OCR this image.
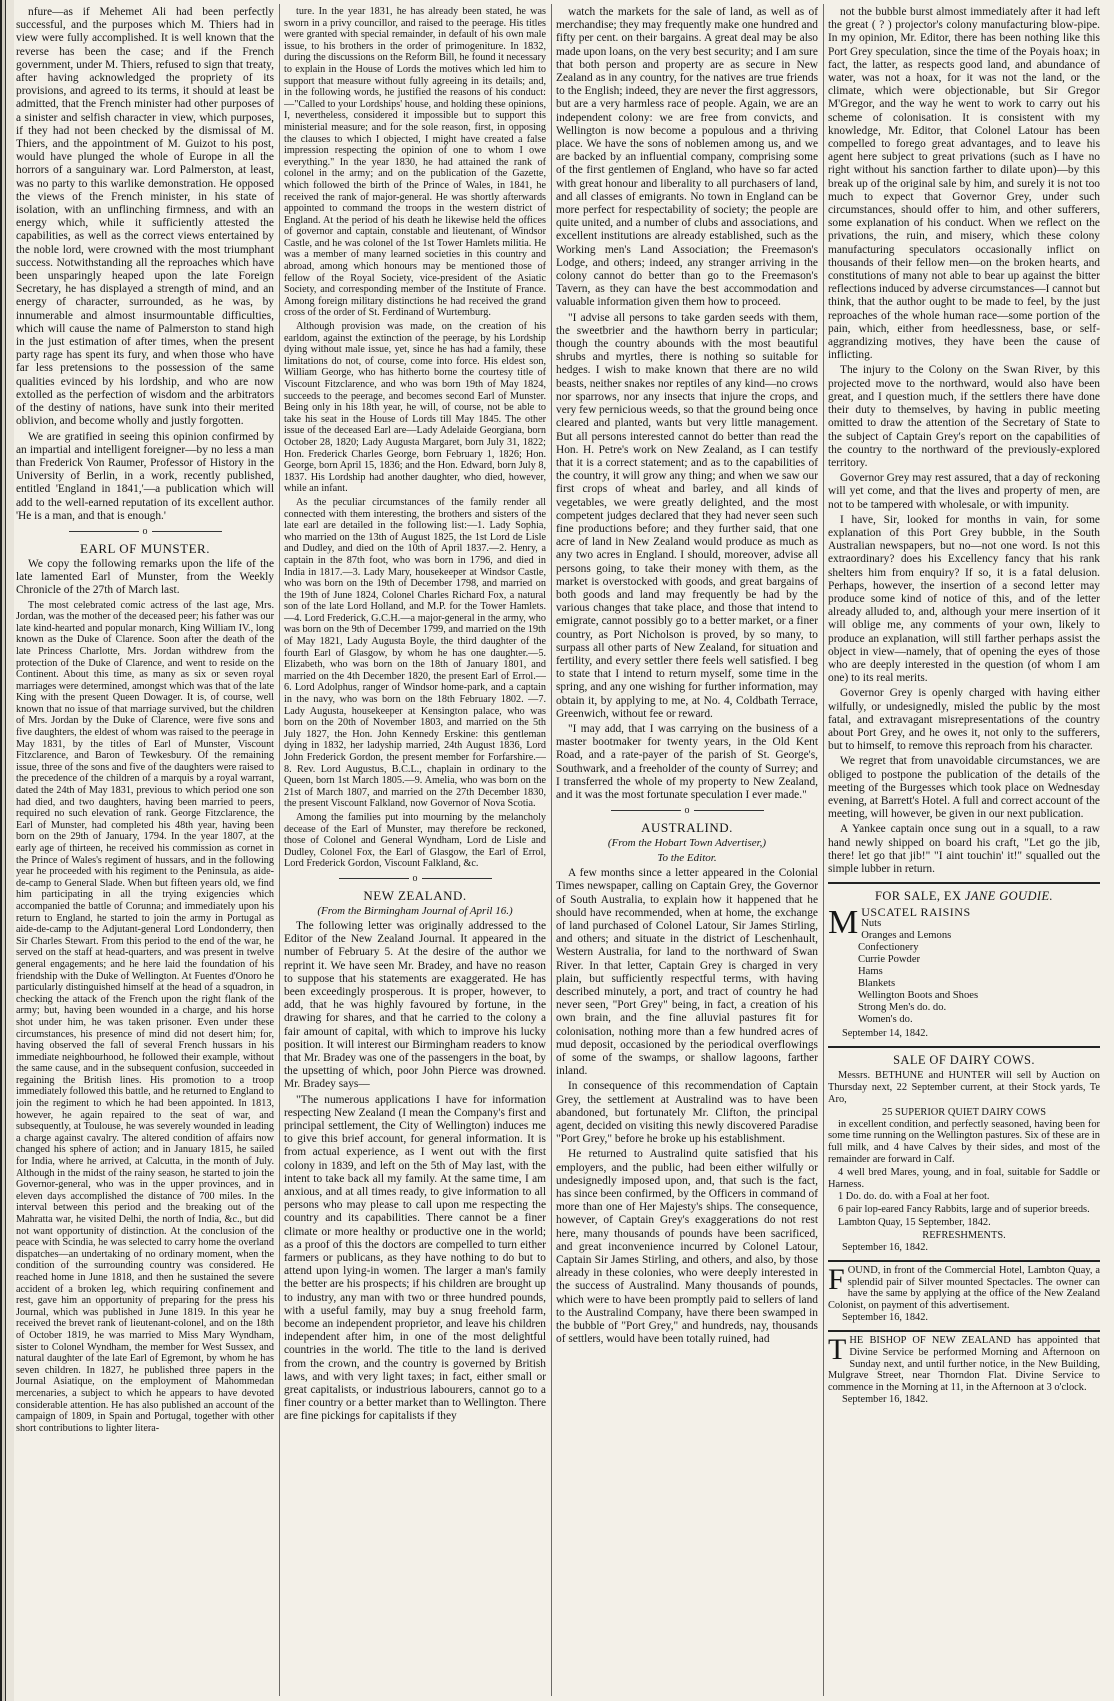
nfure—as if Mehemet Ali had been perfectly successful, and the purposes which M. Thiers had in view were fully accomplished. It is well known that the reverse has been the case; and if the French government, under M. Thiers, refused to sign that treaty, after having acknowledged the propriety of its provisions, and agreed to its terms, it should at least be admitted, that the French minister had other purposes of a sinister and selfish character in view, which purposes, if they had not been checked by the dismissal of M. Thiers, and the appointment of M. Guizot to his post, would have plunged the whole of Europe in all the horrors of a sanguinary war. Lord Palmerston, at least, was no party to this warlike demonstration. He opposed the views of the French minister, in his state of isolation, with an unflinching firmness, and with an energy which, while it sufficiently attested the capabilities, as well as the correct views entertained by the noble lord, were crowned with the most triumphant success. Notwithstanding all the reproaches which have been unsparingly heaped upon the late Foreign Secretary, he has displayed a strength of mind, and an energy of character, surrounded, as he was, by innumerable and almost insurmountable difficulties, which will cause the name of Palmerston to stand high in the just estimation of after times, when the present party rage has spent its fury, and when those who have far less pretensions to the possession of the same qualities evinced by his lordship, and who are now extolled as the perfection of wisdom and the arbitrators of the destiny of nations, have sunk into their merited oblivion, and become wholly and justly forgotten.

We are gratified in seeing this opinion confirmed by an impartial and intelligent foreigner—by no less a man than Frederick Von Raumer, Professor of History in the University of Berlin, in a work, recently published, entitled 'England in 1841,'—a publication which will add to the well-earned reputation of its excellent author. 'He is a man, and that is enough.'

o
EARL OF MUNSTER.

We copy the following remarks upon the life of the late lamented Earl of Munster, from the Weekly Chronicle of the 27th of March last.

The most celebrated comic actress of the last age, Mrs. Jordan, was the mother of the deceased peer; his father was our late kind-hearted and popular monarch, King William IV., long known as the Duke of Clarence. Soon after the death of the late Princess Charlotte, Mrs. Jordan withdrew from the protection of the Duke of Clarence, and went to reside on the Continent. About this time, as many as six or seven royal marriages were determined, amongst which was that of the late King with the present Queen Dowager. It is, of course, well known that no issue of that marriage survived, but the children of Mrs. Jordan by the Duke of Clarence, were five sons and five daughters, the eldest of whom was raised to the peerage in May 1831, by the titles of Earl of Munster, Viscount Fitzclarence, and Baron of Tewkesbury. Of the remaining issue, three of the sons and five of the daughters were raised to the precedence of the children of a marquis by a royal warrant, dated the 24th of May 1831, previous to which period one son had died, and two daughters, having been married to peers, required no such elevation of rank. George Fitzclarence, the Earl of Munster, had completed his 48th year, having been born on the 29th of January, 1794. In the year 1807, at the early age of thirteen, he received his commission as cornet in the Prince of Wales's regiment of hussars, and in the following year he proceeded with his regiment to the Peninsula, as aide-de-camp to General Slade. When but fifteen years old, we find him participating in all the trying exigencies which accompanied the battle of Corunna; and immediately upon his return to England, he started to join the army in Portugal as aide-de-camp to the Adjutant-general Lord Londonderry, then Sir Charles Stewart. From this period to the end of the war, he served on the staff at head-quarters, and was present in twelve general engagements; and he here laid the foundation of his friendship with the Duke of Wellington. At Fuentes d'Onoro he particularly distinguished himself at the head of a squadron, in checking the attack of the French upon the right flank of the army; but, having been wounded in a charge, and his horse shot under him, he was taken prisoner. Even under these circumstances, his presence of mind did not desert him; for, having observed the fall of several French hussars in his immediate neighbourhood, he followed their example, without the same cause, and in the subsequent confusion, succeeded in regaining the British lines. His promotion to a troop immediately followed this battle, and he returned to England to join the regiment to which he had been appointed. In 1813, however, he again repaired to the seat of war, and subsequently, at Toulouse, he was severely wounded in leading a charge against cavalry. The altered condition of affairs now changed his sphere of action; and in January 1815, he sailed for India, where he arrived, at Calcutta, in the month of July. Although in the midst of the rainy season, he started to join the Governor-general, who was in the upper provinces, and in eleven days accomplished the distance of 700 miles. In the interval between this period and the breaking out of the Mahratta war, he visited Delhi, the north of India, &c., but did not want opportunity of distinction. At the conclusion of the peace with Scindia, he was selected to carry home the overland dispatches—an undertaking of no ordinary moment, when the condition of the surrounding country was considered. He reached home in June 1818, and then he sustained the severe accident of a broken leg, which requiring confinement and rest, gave him an opportunity of preparing for the press his Journal, which was published in June 1819. In this year he received the brevet rank of lieutenant-colonel, and on the 18th of October 1819, he was married to Miss Mary Wyndham, sister to Colonel Wyndham, the member for West Sussex, and natural daughter of the late Earl of Egremont, by whom he has seven children. In 1827, he published three papers in the Journal Asiatique, on the employment of Mahommedan mercenaries, a subject to which he appears to have devoted considerable attention. He has also published an account of the campaign of 1809, in Spain and Portugal, together with other short contributions to lighter litera-

ture. In the year 1831, he has already been stated, he was sworn in a privy councillor, and raised to the peerage. His titles were granted with special remainder, in default of his own male issue, to his brothers in the order of primogeniture. In 1832, during the discussions on the Reform Bill, he found it necessary to explain in the House of Lords the motives which led him to support that measure without fully agreeing in its details; and, in the following words, he justified the reasons of his conduct:—"Called to your Lordships' house, and holding these opinions, I, nevertheless, considered it impossible but to support this ministerial measure; and for the sole reason, first, in opposing the clauses to which I objected, I might have created a false impression respecting the opinion of one to whom I owe everything." In the year 1830, he had attained the rank of colonel in the army; and on the publication of the Gazette, which followed the birth of the Prince of Wales, in 1841, he received the rank of major-general. He was shortly afterwards appointed to command the troops in the western district of England. At the period of his death he likewise held the offices of governor and captain, constable and lieutenant, of Windsor Castle, and he was colonel of the 1st Tower Hamlets militia. He was a member of many learned societies in this country and abroad, among which honours may be mentioned those of fellow of the Royal Society, vice-president of the Asiatic Society, and corresponding member of the Institute of France. Among foreign military distinctions he had received the grand cross of the order of St. Ferdinand of Wurtemburg.

Although provision was made, on the creation of his earldom, against the extinction of the peerage, by his Lordship dying without male issue, yet, since he has had a family, these limitations do not, of course, come into force. His eldest son, William George, who has hitherto borne the courtesy title of Viscount Fitzclarence, and who was born 19th of May 1824, succeeds to the peerage, and becomes second Earl of Munster. Being only in his 18th year, he will, of course, not be able to take his seat in the House of Lords till May 1845. The other issue of the deceased Earl are—Lady Adelaide Georgiana, born October 28, 1820; Lady Augusta Margaret, born July 31, 1822; Hon. Frederick Charles George, born February 1, 1826; Hon. George, born April 15, 1836; and the Hon. Edward, born July 8, 1837. His Lordship had another daughter, who died, however, while an infant.

As the peculiar circumstances of the family render all connected with them interesting, the brothers and sisters of the late earl are detailed in the following list:—1. Lady Sophia, who married on the 13th of August 1825, the 1st Lord de Lisle and Dudley, and died on the 10th of April 1837.—2. Henry, a captain in the 87th foot, who was born in 1796, and died in India in 1817.—3. Lady Mary, housekeeper at Windsor Castle, who was born on the 19th of December 1798, and married on the 19th of June 1824, Colonel Charles Richard Fox, a natural son of the late Lord Holland, and M.P. for the Tower Hamlets.—4. Lord Frederick, G.C.H.—a major-general in the army, who was born on the 9th of December 1799, and married on the 19th of May 1821, Lady Augusta Boyle, the third daughter of the fourth Earl of Glasgow, by whom he has one daughter.—5. Elizabeth, who was born on the 18th of January 1801, and married on the 4th December 1820, the present Earl of Errol.—6. Lord Adolphus, ranger of Windsor home-park, and a captain in the navy, who was born on the 18th February 1802. —7. Lady Augusta, housekeeper at Kensington palace, who was born on the 20th of November 1803, and married on the 5th July 1827, the Hon. John Kennedy Erskine: this gentleman dying in 1832, her ladyship married, 24th August 1836, Lord John Frederick Gordon, the present member for Forfarshire.—8. Rev. Lord Augustus, B.C.L., chaplain in ordinary to the Queen, born 1st March 1805.—9. Amelia, who was born on the 21st of March 1807, and married on the 27th December 1830, the present Viscount Falkland, now Governor of Nova Scotia.

Among the families put into mourning by the melancholy decease of the Earl of Munster, may therefore be reckoned, those of Colonel and General Wyndham, Lord de Lisle and Dudley, Colonel Fox, the Earl of Glasgow, the Earl of Errol, Lord Frederick Gordon, Viscount Falkland, &c.

o
NEW ZEALAND.
(From the Birmingham Journal of April 16.)

The following letter was originally addressed to the Editor of the New Zealand Journal. It appeared in the number of February 5. At the desire of the author we reprint it. We have seen Mr. Bradey, and have no reason to suppose that his statements are exaggerated. He has been exceedingly prosperous. It is proper, however, to add, that he was highly favoured by fortune, in the drawing for shares, and that he carried to the colony a fair amount of capital, with which to improve his lucky position. It will interest our Birmingham readers to know that Mr. Bradey was one of the passengers in the boat, by the upsetting of which, poor John Pierce was drowned. Mr. Bradey says—

"The numerous applications I have for information respecting New Zealand (I mean the Company's first and principal settlement, the City of Wellington) induces me to give this brief account, for general information. It is from actual experience, as I went out with the first colony in 1839, and left on the 5th of May last, with the intent to take back all my family. At the same time, I am anxious, and at all times ready, to give information to all persons who may please to call upon me respecting the country and its capabilities. There cannot be a finer climate or more healthy or productive one in the world; as a proof of this the doctors are compelled to turn either farmers or publicans, as they have nothing to do but to attend upon lying-in women. The larger a man's family the better are his prospects; if his children are brought up to industry, any man with two or three hundred pounds, with a useful family, may buy a snug freehold farm, become an independent proprietor, and leave his children independent after him, in one of the most delightful countries in the world. The title to the land is derived from the crown, and the country is governed by British laws, and with very light taxes; in fact, either small or great capitalists, or industrious labourers, cannot go to a finer country or a better market than to Wellington. There are fine pickings for capitalists if they

watch the markets for the sale of land, as well as of merchandise; they may frequently make one hundred and fifty per cent. on their bargains. A great deal may be also made upon loans, on the very best security; and I am sure that both person and property are as secure in New Zealand as in any country, for the natives are true friends to the English; indeed, they are never the first aggressors, but are a very harmless race of people. Again, we are an independent colony: we are free from convicts, and Wellington is now become a populous and a thriving place. We have the sons of noblemen among us, and we are backed by an influential company, comprising some of the first gentlemen of England, who have so far acted with great honour and liberality to all purchasers of land, and all classes of emigrants. No town in England can be more perfect for respectability of society; the people are quite united, and a number of clubs and associations, and excellent institutions are already established, such as the Working men's Land Association; the Freemason's Lodge, and others; indeed, any stranger arriving in the colony cannot do better than go to the Freemason's Tavern, as they can have the best accommodation and valuable information given them how to proceed.

"I advise all persons to take garden seeds with them, the sweetbrier and the hawthorn berry in particular; though the country abounds with the most beautiful shrubs and myrtles, there is nothing so suitable for hedges. I wish to make known that there are no wild beasts, neither snakes nor reptiles of any kind—no crows nor sparrows, nor any insects that injure the crops, and very few pernicious weeds, so that the ground being once cleared and planted, wants but very little management. But all persons interested cannot do better than read the Hon. H. Petre's work on New Zealand, as I can testify that it is a correct statement; and as to the capabilities of the country, it will grow any thing; and when we saw our first crops of wheat and barley, and all kinds of vegetables, we were greatly delighted, and the most competent judges declared that they had never seen such fine productions before; and they further said, that one acre of land in New Zealand would produce as much as any two acres in England. I should, moreover, advise all persons going, to take their money with them, as the market is overstocked with goods, and great bargains of both goods and land may frequently be had by the various changes that take place, and those that intend to emigrate, cannot possibly go to a better market, or a finer country, as Port Nicholson is proved, by so many, to surpass all other parts of New Zealand, for situation and fertility, and every settler there feels well satisfied. I beg to state that I intend to return myself, some time in the spring, and any one wishing for further information, may obtain it, by applying to me, at No. 4, Coldbath Terrace, Greenwich, without fee or reward.

"I may add, that I was carrying on the business of a master bootmaker for twenty years, in the Old Kent Road, and a rate-payer of the parish of St. George's, Southwark, and a freeholder of the county of Surrey; and I transferred the whole of my property to New Zealand, and it was the most fortunate speculation I ever made."

o
AUSTRALIND.
(From the Hobart Town Advertiser,)
To the Editor.

A few months since a letter appeared in the Colonial Times newspaper, calling on Captain Grey, the Governor of South Australia, to explain how it happened that he should have recommended, when at home, the exchange of land purchased of Colonel Latour, Sir James Stirling, and others; and situate in the district of Leschenhault, Western Australia, for land to the northward of Swan River. In that letter, Captain Grey is charged in very plain, but sufficiently respectful terms, with having described minutely, a port, and tract of country he had never seen, "Port Grey" being, in fact, a creation of his own brain, and the fine alluvial pastures fit for colonisation, nothing more than a few hundred acres of mud deposit, occasioned by the periodical overflowings of some of the swamps, or shallow lagoons, farther inland.

In consequence of this recommendation of Captain Grey, the settlement at Australind was to have been abandoned, but fortunately Mr. Clifton, the principal agent, decided on visiting this newly discovered Paradise "Port Grey," before he broke up his establishment.

He returned to Australind quite satisfied that his employers, and the public, had been either wilfully or undesignedly imposed upon, and, that such is the fact, has since been confirmed, by the Officers in command of more than one of Her Majesty's ships. The consequence, however, of Captain Grey's exaggerations do not rest here, many thousands of pounds have been sacrificed, and great inconvenience incurred by Colonel Latour, Captain Sir James Stirling, and others, and also, by those already in these colonies, who were deeply interested in the success of Australind. Many thousands of pounds, which were to have been promptly paid to sellers of land to the Australind Company, have there been swamped in the bubble of "Port Grey," and hundreds, nay, thousands of settlers, would have been totally ruined, had

not the bubble burst almost immediately after it had left the great ( ? ) projector's colony manufacturing blow-pipe. In my opinion, Mr. Editor, there has been nothing like this Port Grey speculation, since the time of the Poyais hoax; in fact, the latter, as respects good land, and abundance of water, was not a hoax, for it was not the land, or the climate, which were objectionable, but Sir Gregor M'Gregor, and the way he went to work to carry out his scheme of colonisation. It is consistent with my knowledge, Mr. Editor, that Colonel Latour has been compelled to forego great advantages, and to leave his agent here subject to great privations (such as I have no right without his sanction farther to dilate upon)—by this break up of the original sale by him, and surely it is not too much to expect that Governor Grey, under such circumstances, should offer to him, and other sufferers, some explanation of his conduct. When we reflect on the privations, the ruin, and misery, which these colony manufacturing speculators occasionally inflict on thousands of their fellow men—on the broken hearts, and constitutions of many not able to bear up against the bitter reflections induced by adverse circumstances—I cannot but think, that the author ought to be made to feel, by the just reproaches of the whole human race—some portion of the pain, which, either from heedlessness, base, or self-aggrandizing motives, they have been the cause of inflicting.

The injury to the Colony on the Swan River, by this projected move to the northward, would also have been great, and I question much, if the settlers there have done their duty to themselves, by having in public meeting omitted to draw the attention of the Secretary of State to the subject of Captain Grey's report on the capabilities of the country to the northward of the previously-explored territory.

Governor Grey may rest assured, that a day of reckoning will yet come, and that the lives and property of men, are not to be tampered with wholesale, or with impunity.

I have, Sir, looked for months in vain, for some explanation of this Port Grey bubble, in the South Australian newspapers, but no—not one word. Is not this extraordinary? does his Excellency fancy that his rank shelters him from enquiry? If so, it is a fatal delusion. Perhaps, however, the insertion of a second letter may produce some kind of notice of this, and of the letter already alluded to, and, although your mere insertion of it will oblige me, any comments of your own, likely to produce an explanation, will still farther perhaps assist the object in view—namely, that of opening the eyes of those who are deeply interested in the question (of whom I am one) to its real merits.

Governor Grey is openly charged with having either wilfully, or undesignedly, misled the public by the most fatal, and extravagant misrepresentations of the country about Port Grey, and he owes it, not only to the sufferers, but to himself, to remove this reproach from his character.

We regret that from unavoidable circumstances, we are obliged to postpone the publication of the details of the meeting of the Burgesses which took place on Wednesday evening, at Barrett's Hotel. A full and correct account of the meeting, will however, be given in our next publication.

A Yankee captain once sung out in a squall, to a raw hand newly shipped on board his craft, "Let go the jib, there! let go that jib!" "I aint touchin' it!" squalled out the simple lubber in return.

FOR SALE, EX JANE GOUDIE.
M USCATEL RAISINS
Nuts
Oranges and Lemons
Confectionery
Currie Powder
Hams
Blankets
Wellington Boots and Shoes
Strong Men's do. do.
Women's do.
September 14, 1842.
SALE OF DAIRY COWS.

Messrs. BETHUNE and HUNTER will sell by Auction on Thursday next, 22 September current, at their Stock yards, Te Aro,

25 SUPERIOR QUIET DAIRY COWS

in excellent condition, and perfectly seasoned, having been for some time running on the Wellington pastures. Six of these are in full milk, and 4 have Calves by their sides, and most of the remainder are forward in Calf.

4 well bred Mares, young, and in foal, suitable for Saddle or Harness.

1 Do. do. do. with a Foal at her foot.

6 pair lop-eared Fancy Rabbits, large and of superior breeds.

Lambton Quay, 15 September, 1842.

REFRESHMENTS.
September 16, 1842.
F OUND, in front of the Commercial Hotel, Lambton Quay, a splendid pair of Silver mounted Spectacles. The owner can have the same by applying at the office of the New Zealand Colonist, on payment of this advertisement.
September 16, 1842.
T HE BISHOP OF NEW ZEALAND has appointed that Divine Service be performed Morning and Afternoon on Sunday next, and until further notice, in the New Building, Mulgrave Street, near Thorndon Flat. Divine Service to commence in the Morning at 11, in the Afternoon at 3 o'clock.
September 16, 1842.
